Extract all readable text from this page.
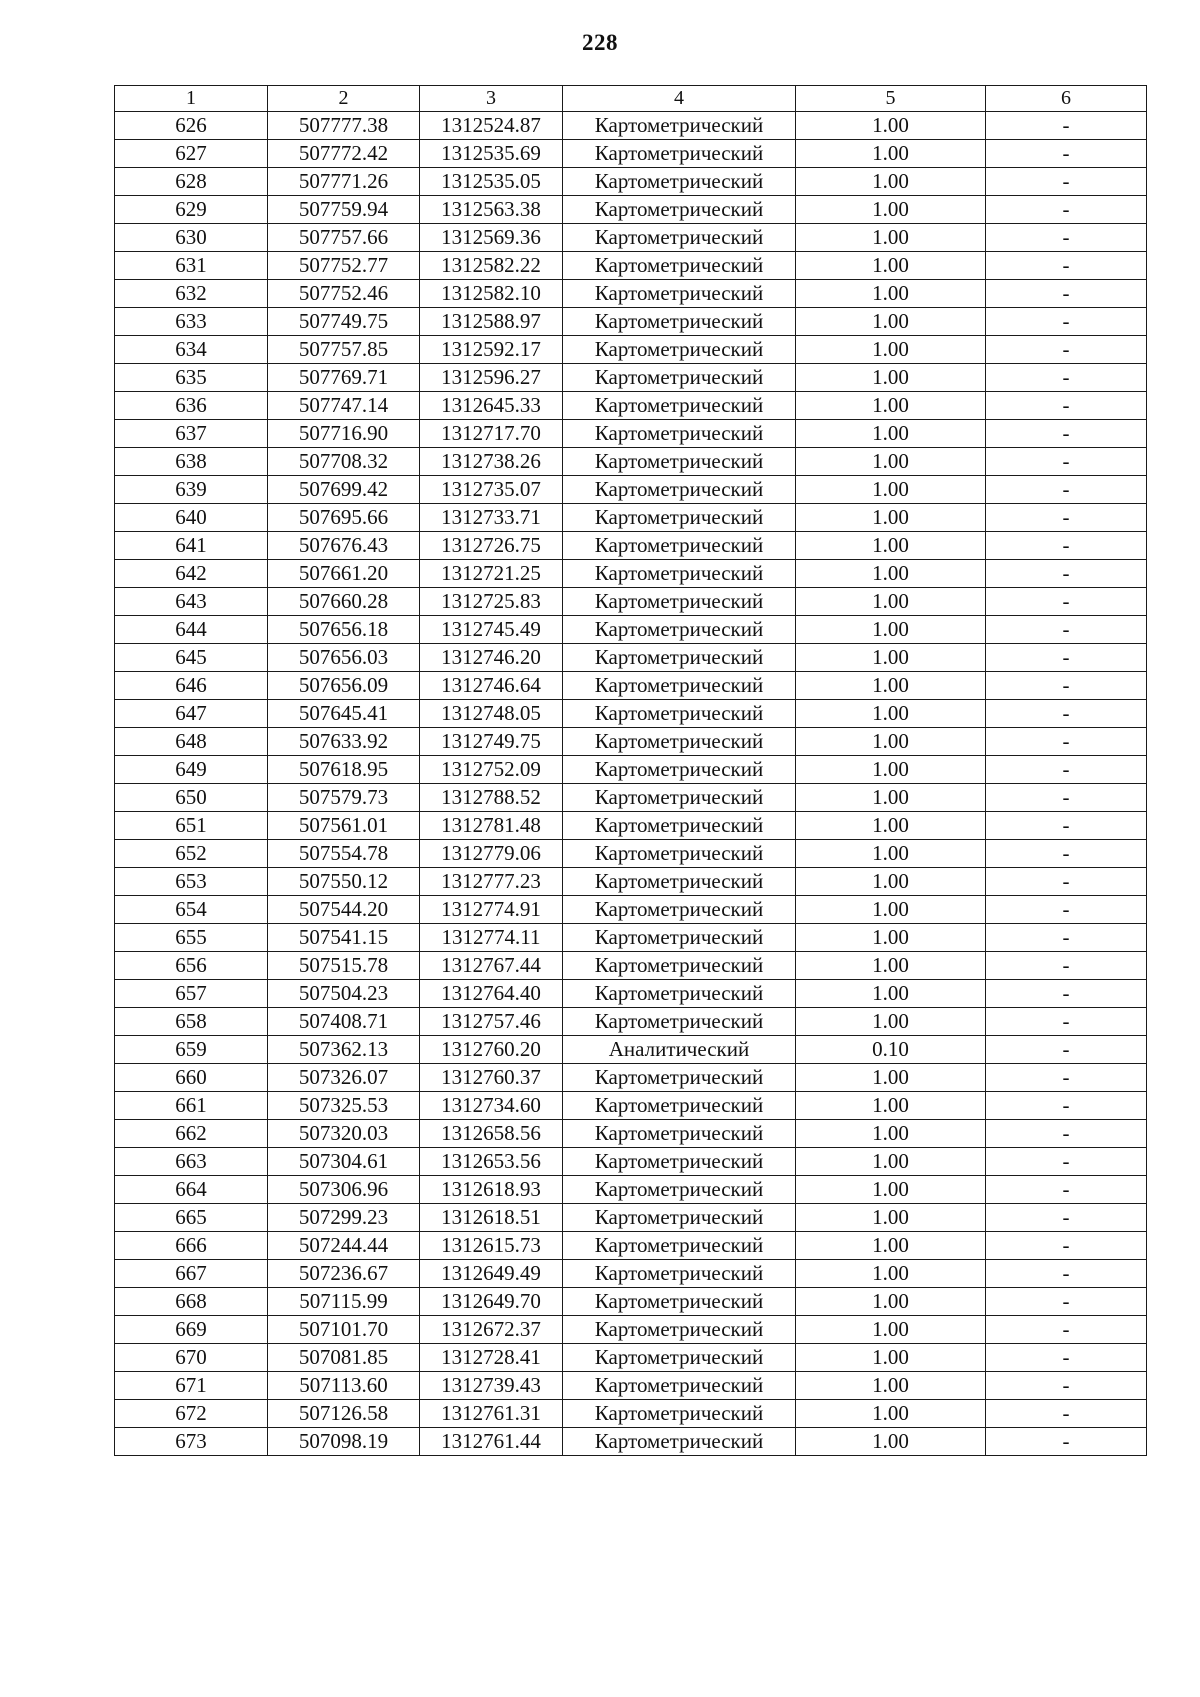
228
1	2	3	4	5	6
626	507777.38	1312524.87	Картометрический	1.00	-
627	507772.42	1312535.69	Картометрический	1.00	-
628	507771.26	1312535.05	Картометрический	1.00	-
629	507759.94	1312563.38	Картометрический	1.00	-
630	507757.66	1312569.36	Картометрический	1.00	-
631	507752.77	1312582.22	Картометрический	1.00	-
632	507752.46	1312582.10	Картометрический	1.00	-
633	507749.75	1312588.97	Картометрический	1.00	-
634	507757.85	1312592.17	Картометрический	1.00	-
635	507769.71	1312596.27	Картометрический	1.00	-
636	507747.14	1312645.33	Картометрический	1.00	-
637	507716.90	1312717.70	Картометрический	1.00	-
638	507708.32	1312738.26	Картометрический	1.00	-
639	507699.42	1312735.07	Картометрический	1.00	-
640	507695.66	1312733.71	Картометрический	1.00	-
641	507676.43	1312726.75	Картометрический	1.00	-
642	507661.20	1312721.25	Картометрический	1.00	-
643	507660.28	1312725.83	Картометрический	1.00	-
644	507656.18	1312745.49	Картометрический	1.00	-
645	507656.03	1312746.20	Картометрический	1.00	-
646	507656.09	1312746.64	Картометрический	1.00	-
647	507645.41	1312748.05	Картометрический	1.00	-
648	507633.92	1312749.75	Картометрический	1.00	-
649	507618.95	1312752.09	Картометрический	1.00	-
650	507579.73	1312788.52	Картометрический	1.00	-
651	507561.01	1312781.48	Картометрический	1.00	-
652	507554.78	1312779.06	Картометрический	1.00	-
653	507550.12	1312777.23	Картометрический	1.00	-
654	507544.20	1312774.91	Картометрический	1.00	-
655	507541.15	1312774.11	Картометрический	1.00	-
656	507515.78	1312767.44	Картометрический	1.00	-
657	507504.23	1312764.40	Картометрический	1.00	-
658	507408.71	1312757.46	Картометрический	1.00	-
659	507362.13	1312760.20	Аналитический	0.10	-
660	507326.07	1312760.37	Картометрический	1.00	-
661	507325.53	1312734.60	Картометрический	1.00	-
662	507320.03	1312658.56	Картометрический	1.00	-
663	507304.61	1312653.56	Картометрический	1.00	-
664	507306.96	1312618.93	Картометрический	1.00	-
665	507299.23	1312618.51	Картометрический	1.00	-
666	507244.44	1312615.73	Картометрический	1.00	-
667	507236.67	1312649.49	Картометрический	1.00	-
668	507115.99	1312649.70	Картометрический	1.00	-
669	507101.70	1312672.37	Картометрический	1.00	-
670	507081.85	1312728.41	Картометрический	1.00	-
671	507113.60	1312739.43	Картометрический	1.00	-
672	507126.58	1312761.31	Картометрический	1.00	-
673	507098.19	1312761.44	Картометрический	1.00	-
